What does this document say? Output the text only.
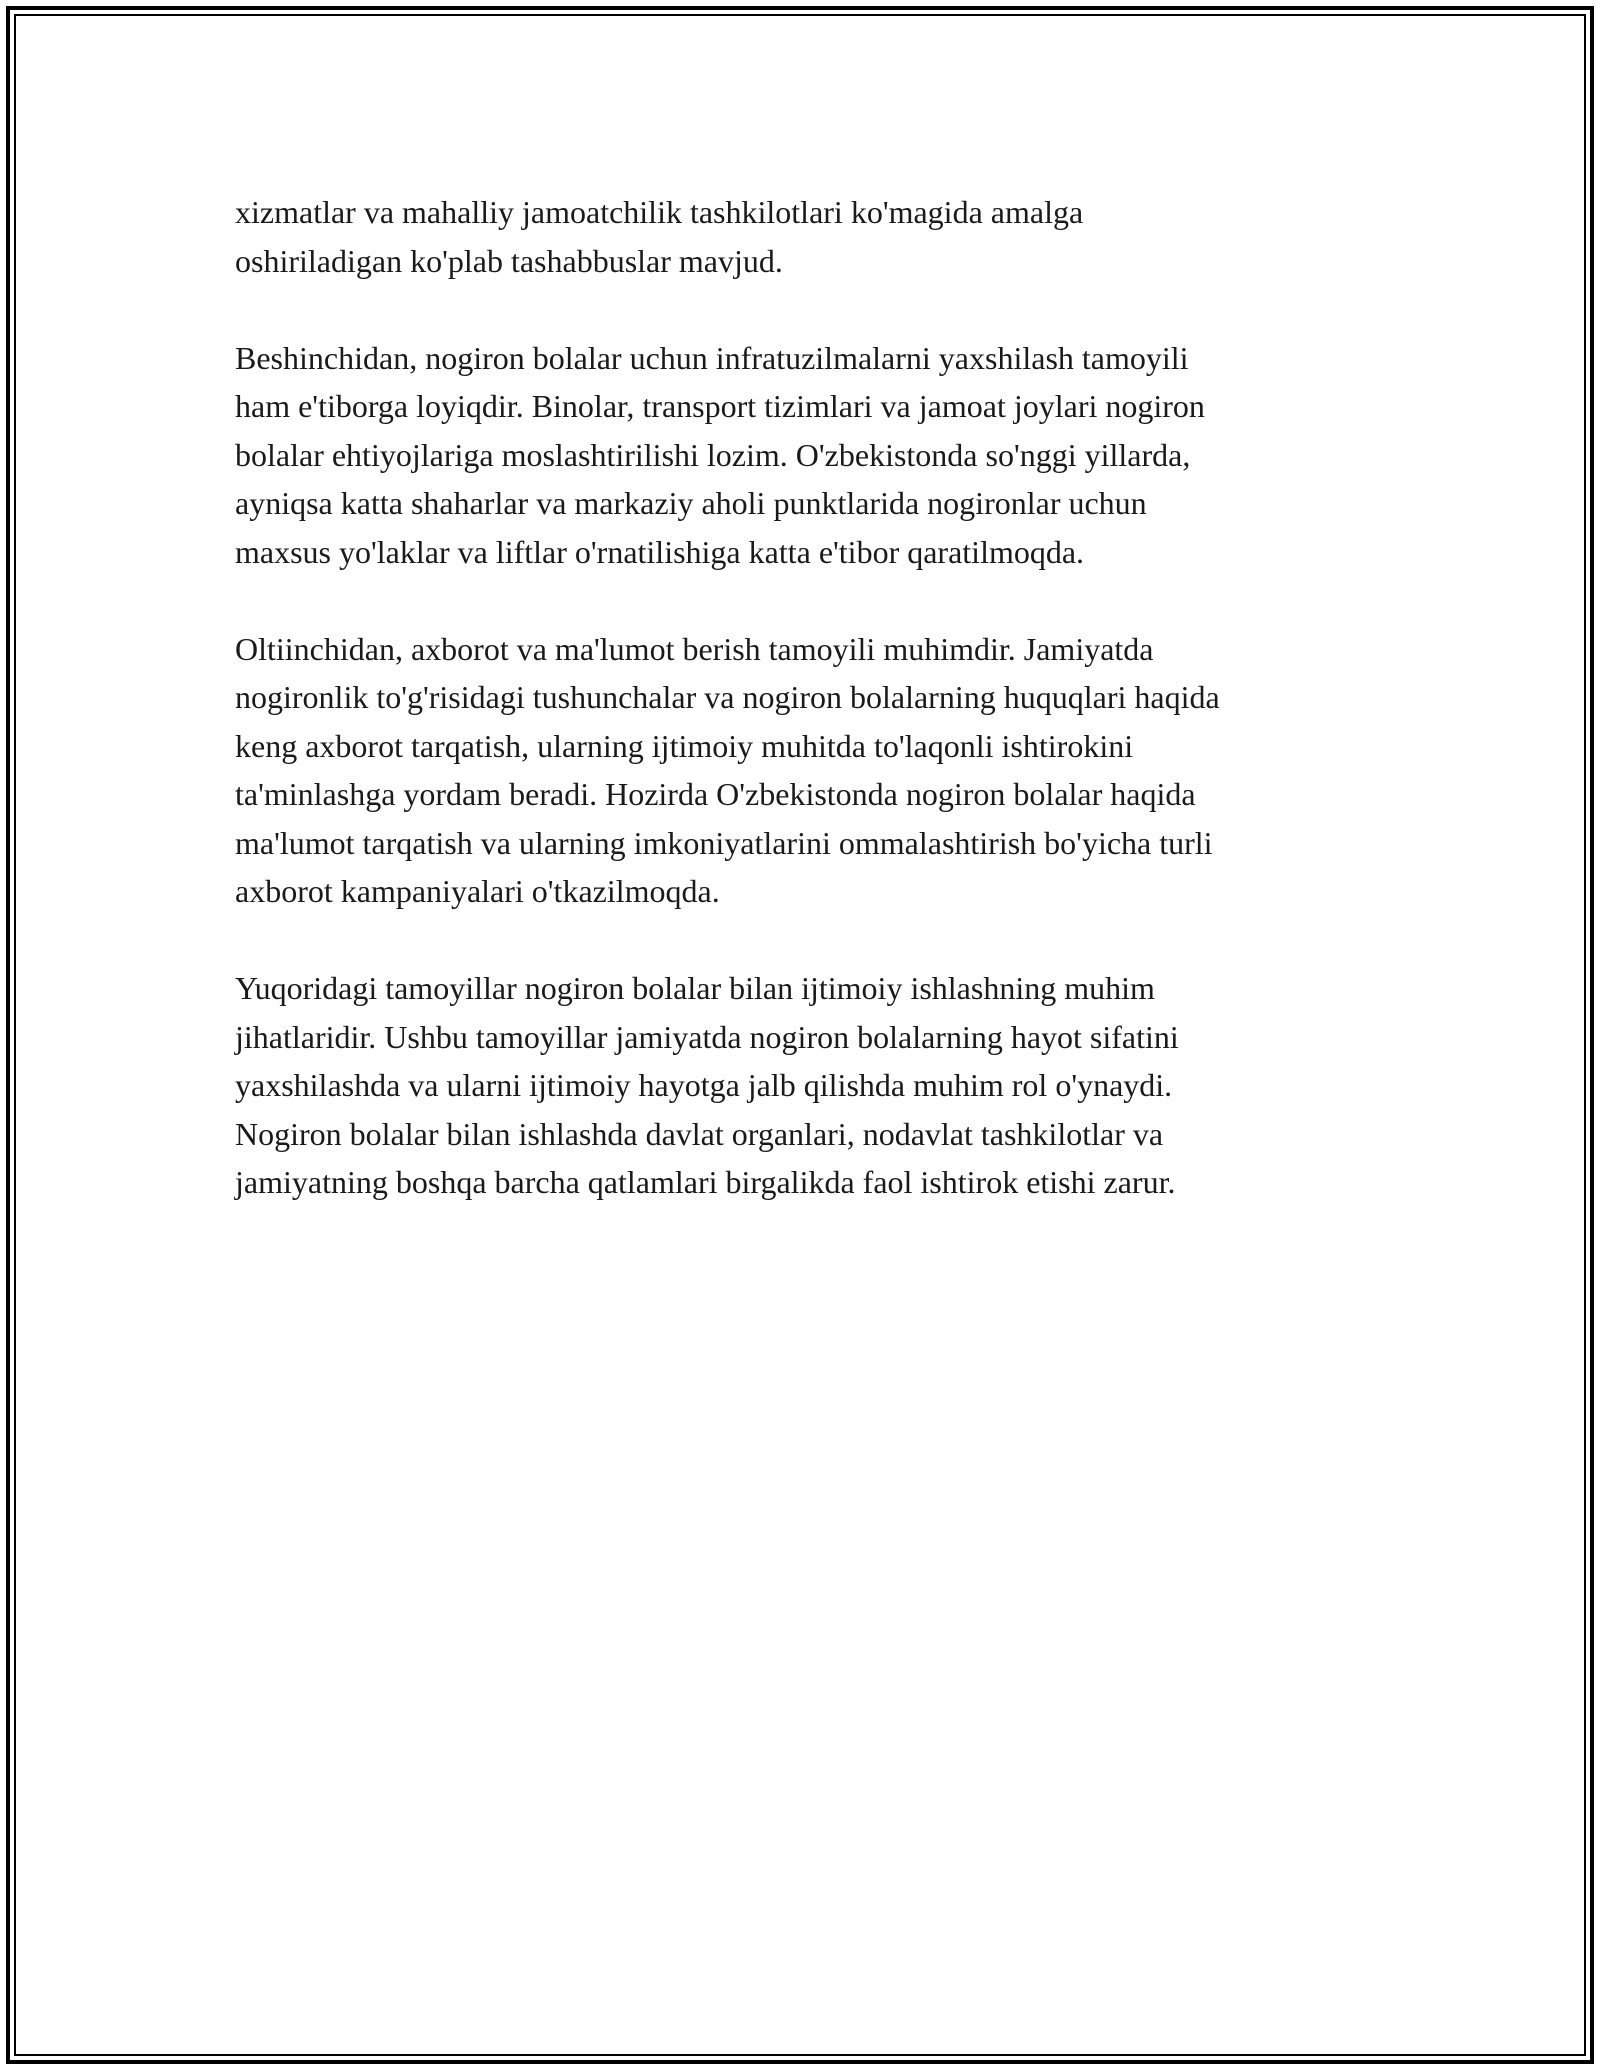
xizmatlar va mahalliy jamoatchilik tashkilotlari ko'magida amalga
oshiriladigan ko'plab tashabbuslar mavjud.

Beshinchidan, nogiron bolalar uchun infratuzilmalarni yaxshilash tamoyili
ham e'tiborga loyiqdir. Binolar, transport tizimlari va jamoat joylari nogiron
bolalar ehtiyojlariga moslashtirilishi lozim. O'zbekistonda so'nggi yillarda,
ayniqsa katta shaharlar va markaziy aholi punktlarida nogironlar uchun
maxsus yo'laklar va liftlar o'rnatilishiga katta e'tibor qaratilmoqda.

Oltiinchidan, axborot va ma'lumot berish tamoyili muhimdir. Jamiyatda
nogironlik to'g'risidagi tushunchalar va nogiron bolalarning huquqlari haqida
keng axborot tarqatish, ularning ijtimoiy muhitda to'laqonli ishtirokini
ta'minlashga yordam beradi. Hozirda O'zbekistonda nogiron bolalar haqida
ma'lumot tarqatish va ularning imkoniyatlarini ommalashtirish bo'yicha turli
axborot kampaniyalari o'tkazilmoqda.

Yuqoridagi tamoyillar nogiron bolalar bilan ijtimoiy ishlashning muhim
jihatlaridir. Ushbu tamoyillar jamiyatda nogiron bolalarning hayot sifatini
yaxshilashda va ularni ijtimoiy hayotga jalb qilishda muhim rol o'ynaydi.
Nogiron bolalar bilan ishlashda davlat organlari, nodavlat tashkilotlar va
jamiyatning boshqa barcha qatlamlari birgalikda faol ishtirok etishi zarur.
